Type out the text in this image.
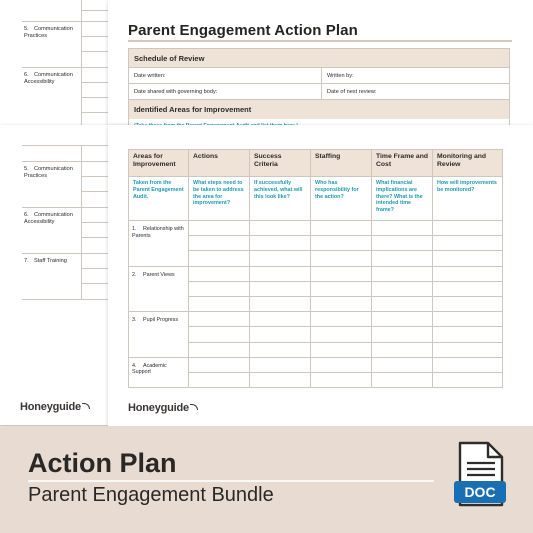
5. Communication Practices
6. Communication Accessibility
Parent Engagement Action Plan
Schedule of Review
Date written:	Written by:
Date shared with governing body:	Date of next review:
Identified Areas for Improvement
5. Communication Practices
6. Communication Accessibility
7. Staff Training
Honeyguide
Areas for Improvement	Actions	Success Criteria	Staffing	Time Frame and Cost	Monitoring and Review
Taken from the Parent Engagement Audit.	What steps need to be taken to address the area for improvement?	If successfully achieved, what will this look like?	Who has responsibility for the action?	What financial implications are there? What is the intended time frame?	How will improvements be monitored?
1. Relationship with Parents					

2. Parent Views					

3. Pupil Progress					

4. Academic Support					

Honeyguide
Action Plan
Parent Engagement Bundle	DOC
